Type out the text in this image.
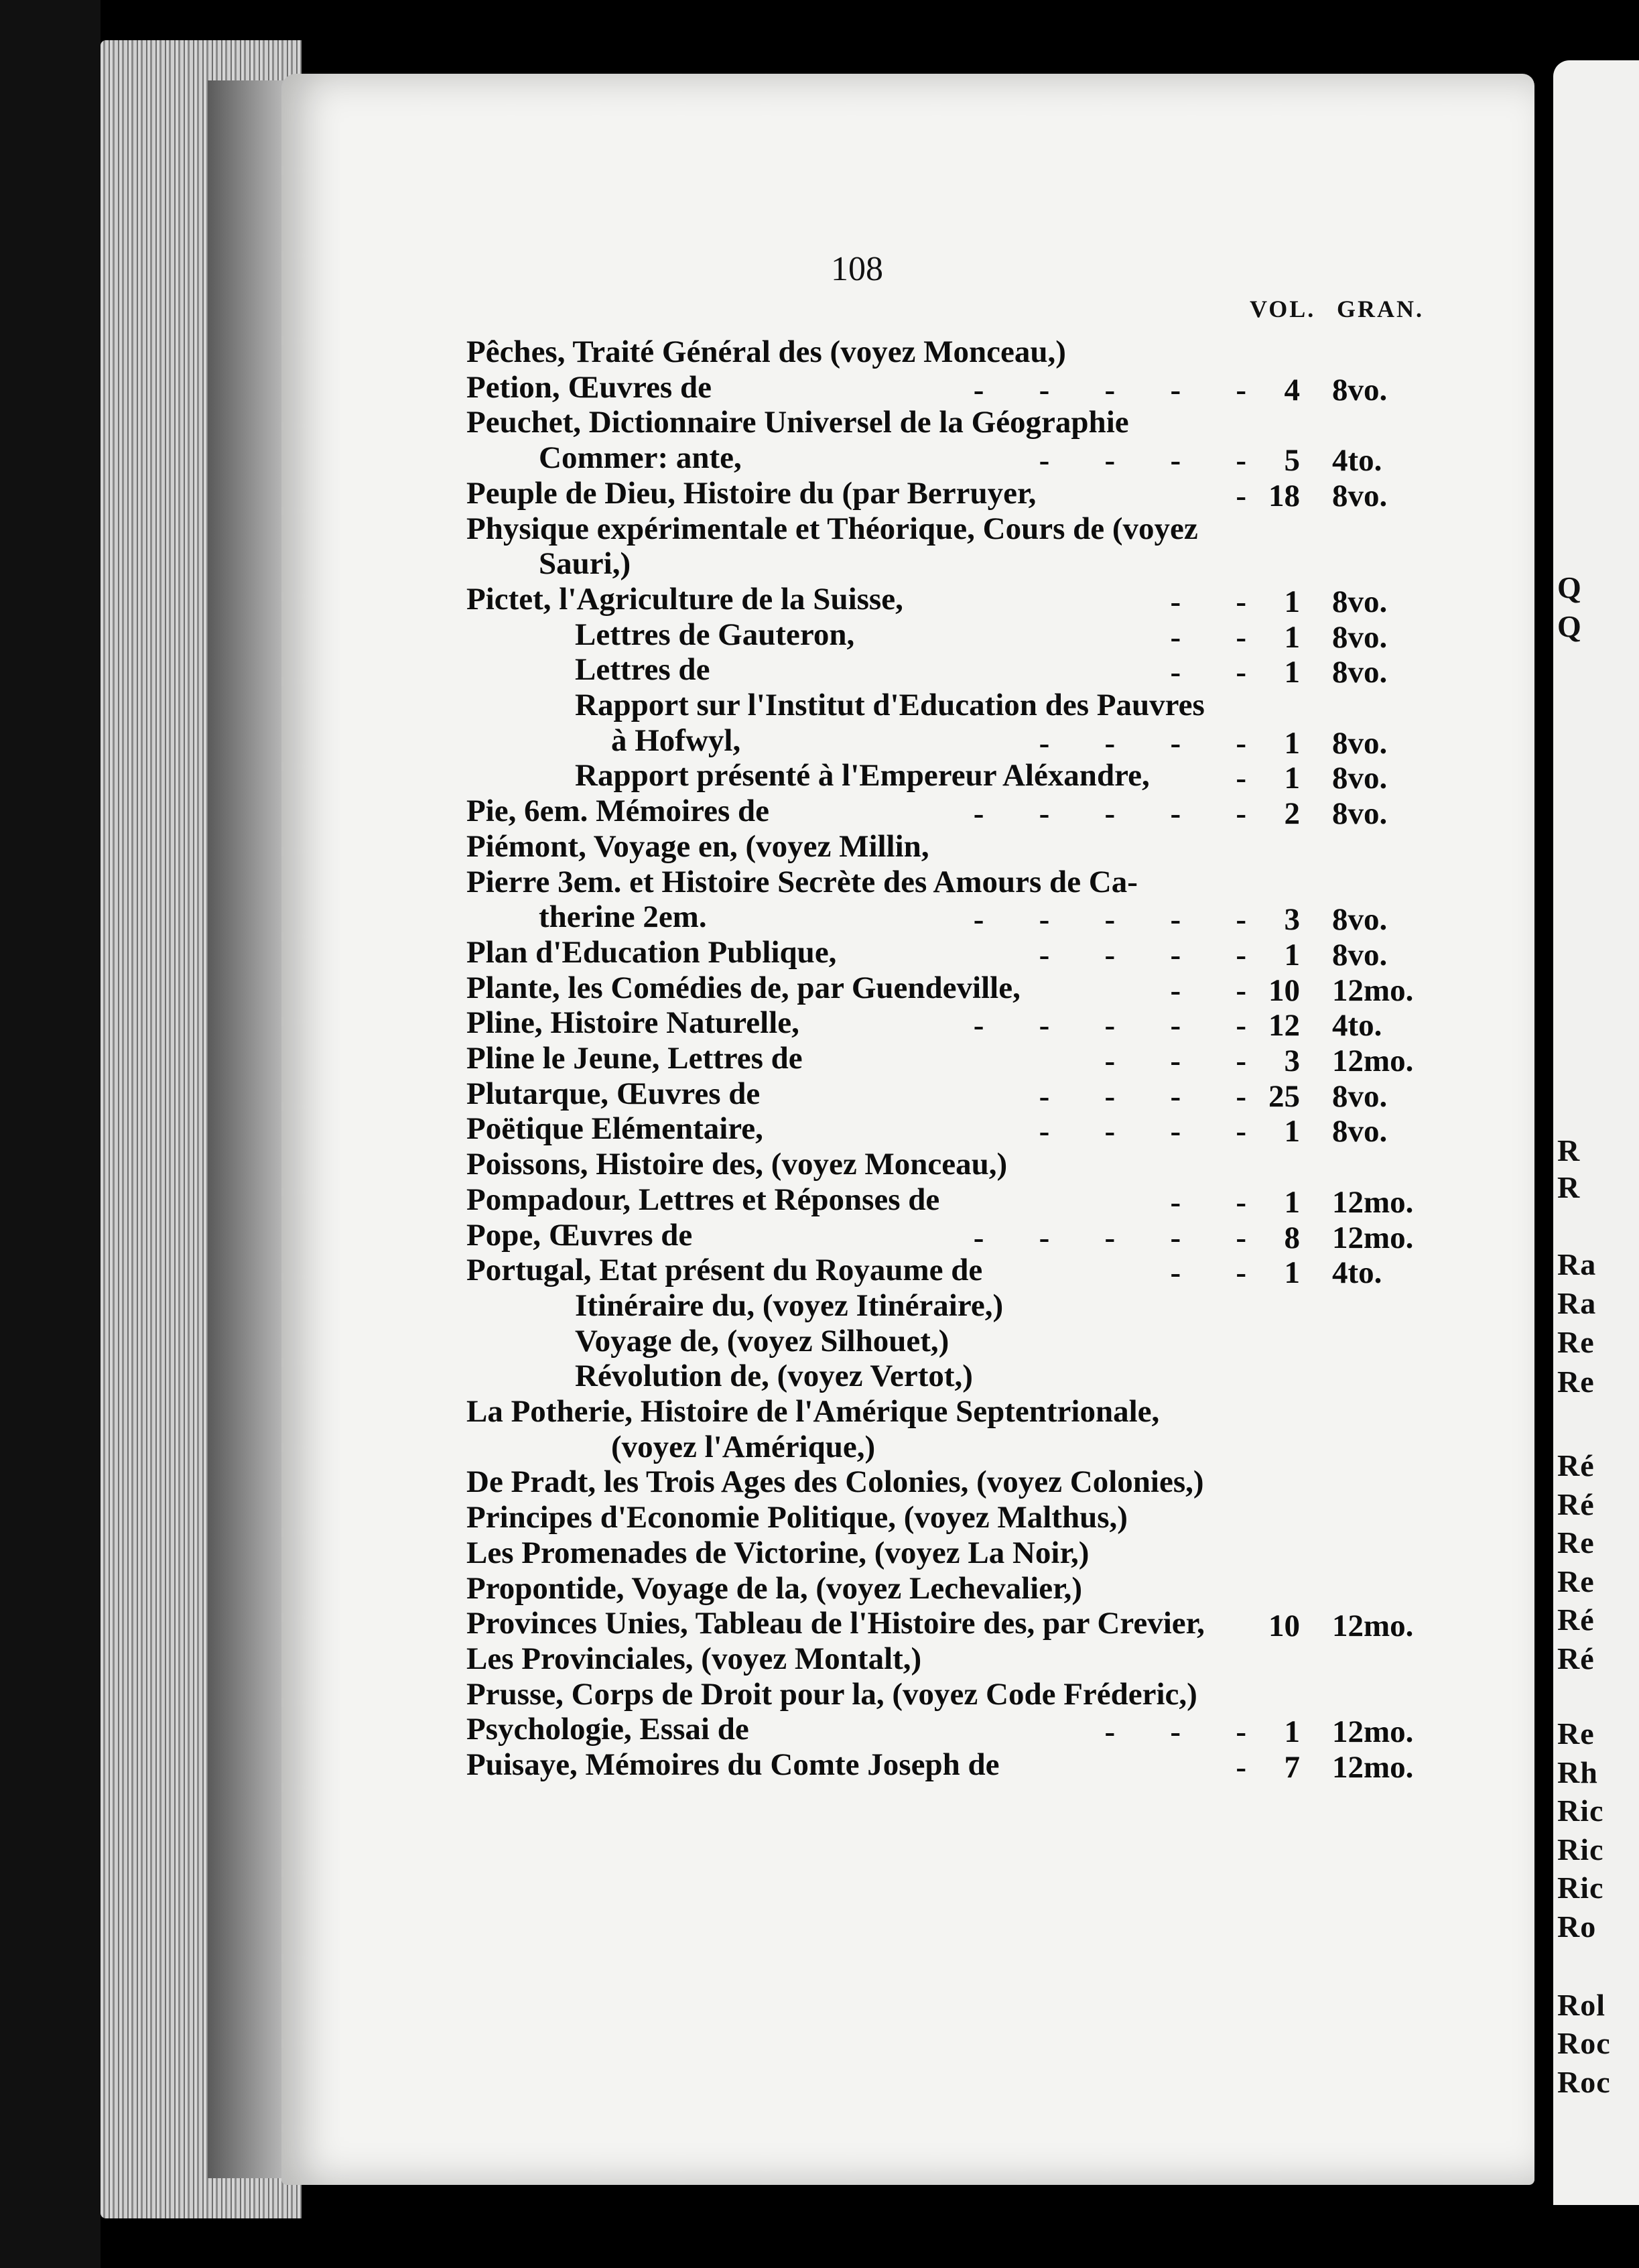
108
VOL. GRAN.
Pêches, Traité Général des (voyez Monceau,)
Petion, Œuvres de	-       -       -       -       -	4 8vo.
Peuchet, Dictionnaire Universel de la Géographie
Commer: ante,	-       -       -       -	5 4to.
Peuple de Dieu, Histoire du (par Berruyer,	- 18 8vo.
Physique expérimentale et Théorique, Cours de (voyez
Sauri,)
Pictet, l'Agriculture de la Suisse,	-       -	1 8vo.
Lettres de Gauteron,	-       -	1 8vo.
Lettres de	-       -	1 8vo.
Rapport sur l'Institut d'Education des Pauvres
à Hofwyl,	-       -       -       -	1 8vo.
Rapport présenté à l'Empereur Aléxandre,	-	1 8vo.
Pie, 6em. Mémoires de	-       -       -       -       -	2 8vo.
Piémont, Voyage en, (voyez Millin,
Pierre 3em. et Histoire Secrète des Amours de Ca-
therine 2em.	-       -       -       -       -	3 8vo.
Plan d'Education Publique,	-       -       -       -	1 8vo.
Plante, les Comédies de, par Guendeville,	-       - 10 12mo.
Pline, Histoire Naturelle,	-       -       -       -       - 12 4to.
Pline le Jeune, Lettres de	-       -       -	3 12mo.
Plutarque, Œuvres de	-       -       -       - 25 8vo.
Poëtique Elémentaire,	-       -       -       -	1 8vo.
Poissons, Histoire des, (voyez Monceau,)
Pompadour, Lettres et Réponses de	-       -	1 12mo.
Pope, Œuvres de	-       -       -       -       -	8 12mo.
Portugal, Etat présent du Royaume de	-       -	1 4to.
Itinéraire du, (voyez Itinéraire,)
Voyage de, (voyez Silhouet,)
Révolution de, (voyez Vertot,)
La Potherie, Histoire de l'Amérique Septentrionale,
(voyez l'Amérique,)
De Pradt, les Trois Ages des Colonies, (voyez Colonies,)
Principes d'Economie Politique, (voyez Malthus,)
Les Promenades de Victorine, (voyez La Noir,)
Propontide, Voyage de la, (voyez Lechevalier,)
Provinces Unies, Tableau de l'Histoire des, par Crevier,	10 12mo.
Les Provinciales, (voyez Montalt,)
Prusse, Corps de Droit pour la, (voyez Code Fréderic,)
Psychologie, Essai de	-       -       -	1 12mo.
Puisaye, Mémoires du Comte Joseph de	-	7 12mo.
Q
Q
R
R
Ra
Ra
Re
Re
Ré
Ré
Re
Re
Ré
Ré
Re
Rh
Ric
Ric
Ric
Ro
Rol
Roc
Roc
